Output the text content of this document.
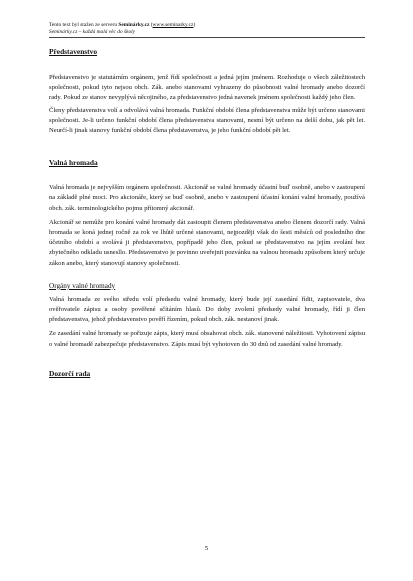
Tento text byl stažen ze serveru Seminárky.cz (www.seminarky.cz)
Seminárky.cz – každá malá věc do školy
Představenstvo

Představenstvo je statutárním orgánem, jenž řídí společnosti a jedná jejím jménem. Rozhoduje o všech záležitostech společnosti, pokud tyto nejsou obch. Zák. anebo stanovami vyhrazeny do působnosti valné hromady anebo dozorčí rady. Pokud ze stanov nevyplývá něcojiného, za představenstvo jedná navenek jménem společnosti každý jeho člen.

Členy představenstva volí a odvolává valná hromada. Funkční období člena představenstva může být určeno stanovami společnosti. Je-li určeno funkční období člena představenstva stanovami, nesmí být určeno na delší dobu, jak pět let. Neurčí-li jinak stanovy funkční období člena představenstva, je jeho funkční období pět let.

Valná hromada

Valná hromada je nejvyšším orgánem společnosti. Akcionář se valné hromady účastní buď osobně, anebo v zastoupení na základě plné moci. Pro akcionáře, který se buď osobně, anebo v zastoupení účastní konání valné hromady, používá obch. zák. terminologického pojmu přítomný akcionář.

Akcionář se nemůže pro konání valné hromady dát zastoupit členem představenstva anebo členem dozorčí rady. Valná hromada se koná jednej ročně za rok ve lhůtě určené stanovami, nejpozději však do šesti měsíců od posledního dne účetního období a svolává ji představenstvo, popřípadě jeho člen, pokud se představenstvo na jejím svolání bez zbytečného odkladu usnesllo. Představenstvo je povinno uveřejnit pozvánku na valnou hromadu způsobem který určuje zákon anebo, který stanovují stanovy společnosti.

Orgány valné hromady

Valná hromada ze svého středu volí předsedu valné hromady, který bude její zasedání řídit, zapisovatele, dva ověřovatele zápisu a osoby pověřené sčítáním hlasů. Do doby zvolení předsedy valné hromady, řídí ji člen představenstva, jehož představenstvo pověří řízením, pokud obch. zák. nestanoví jinak.

Ze zasedání valné hromady se pořizuje zápis, který musí obsahovat obch. zák. stanovené náležitosti. Vyhotovení zápisu o valné hromadě zabezpečuje představenstvo. Zápis musí být vyhotoven do 30 dnů od zasedání valné hromady.

Dozorčí rada
5
